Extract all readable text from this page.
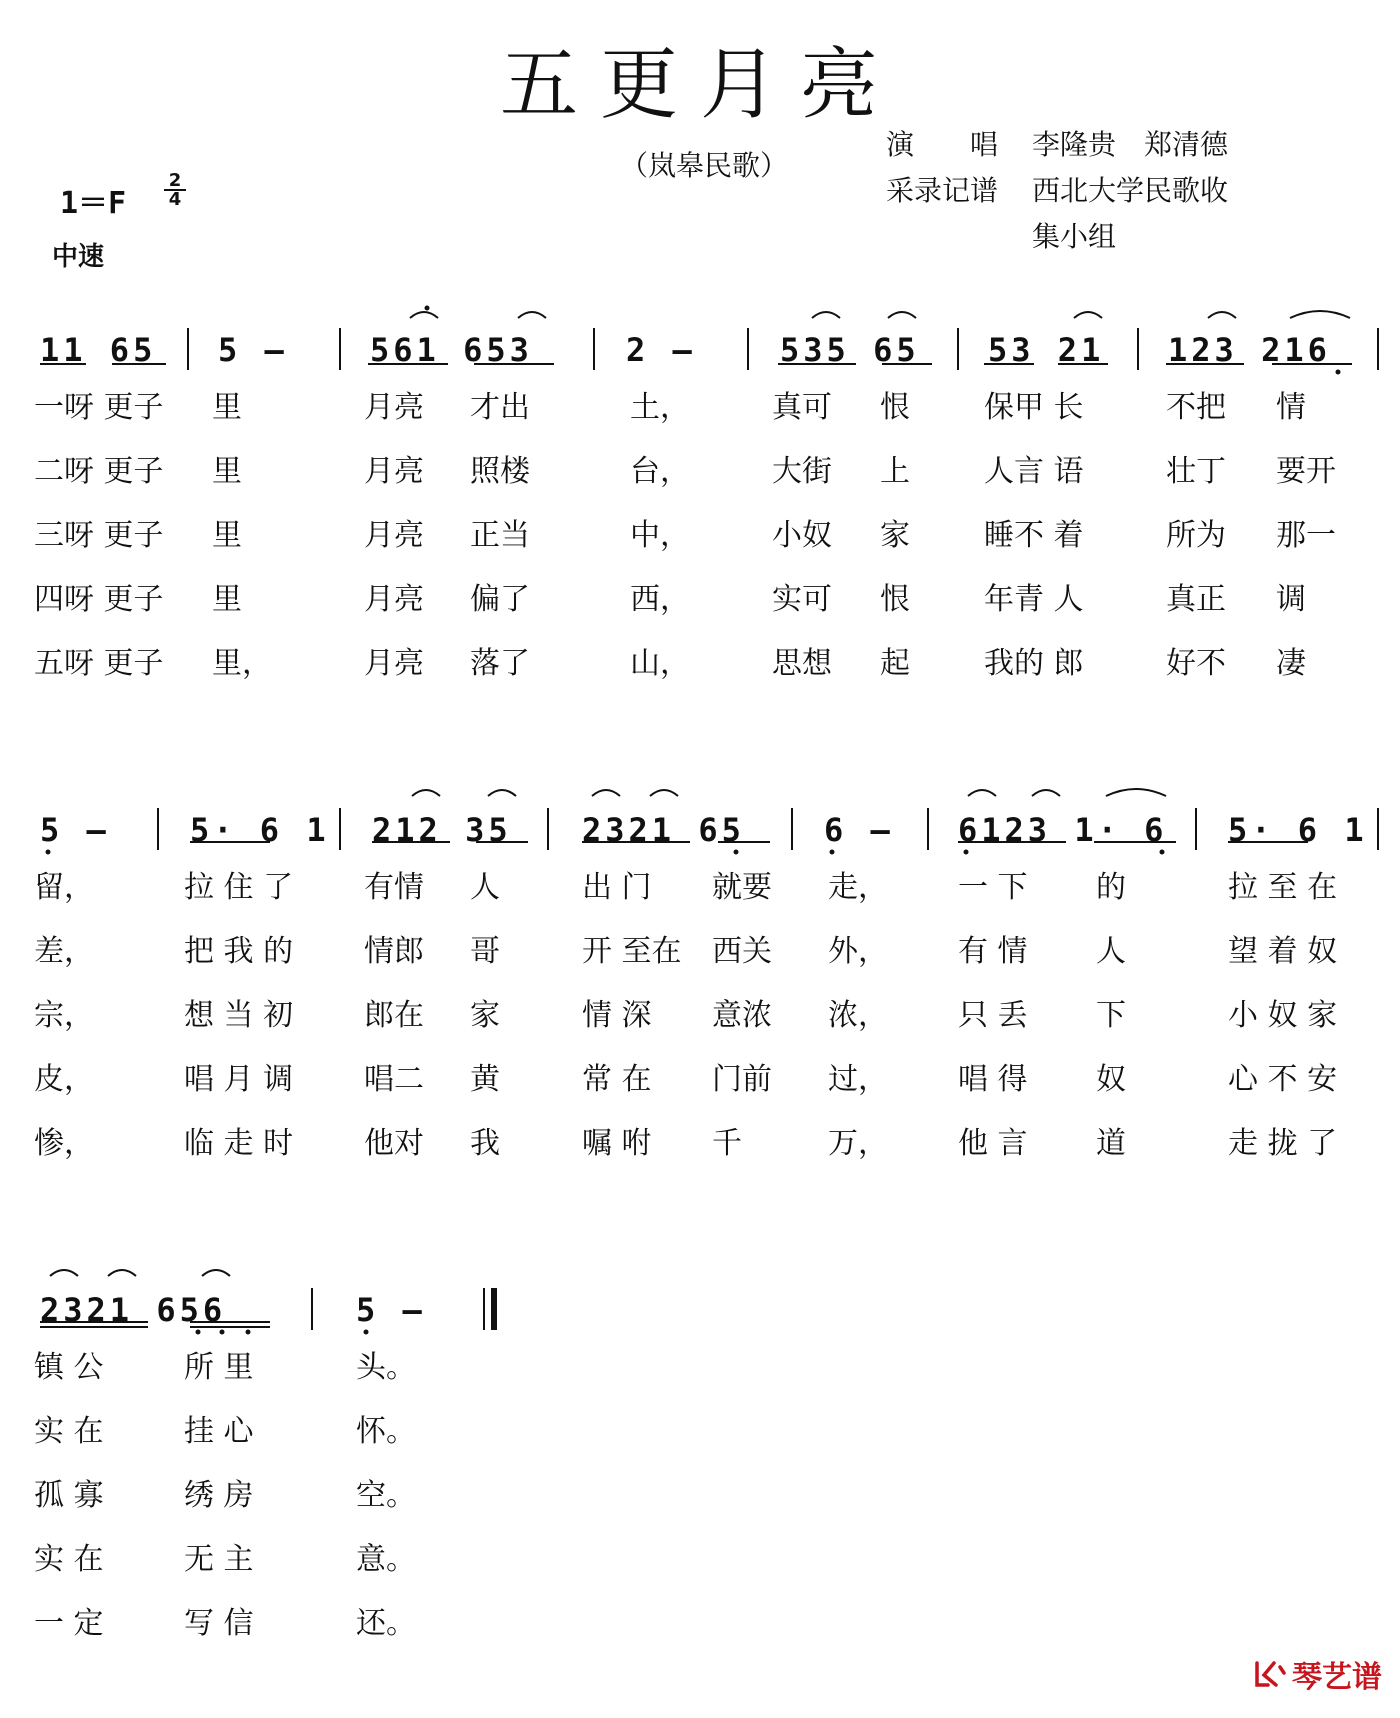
五更月亮
（岚皋民歌）
演　　唱 李隆贵　郑清德
采录记谱 西北大学民歌收
集小组
1＝F
2
4
中速
11 65 5 —	561 653	2 —	535 65 53 21 123 216
一呀 更子 里	月亮 才出	土，	真可 恨 保甲 长	不把 情
二呀 更子 里	月亮 照楼	台，	大街 上 人言 语	壮丁 要开
三呀 更子 里	月亮 正当	中，	小奴 家 睡不 着	所为 那一
四呀 更子 里	月亮 偏了	西，	实可 恨 年青 人	真正 调
五呀 更子 里，	月亮 落了	山，	思想 起 我的 郎	好不 凄
5 —	5· 6 1 212 35 2321 65 6 — 6123 1· 6 5· 6 1
留，	拉 住 了 有情 人	出 门 就要 走， 一 下 的	拉 至 在
差，	把 我 的 情郎 哥	开 至在 西关 外， 有 情 人	望 着 奴
宗，	想 当 初 郎在 家	情 深 意浓 浓， 只 丢 下	小 奴 家
皮，	唱 月 调 唱二 黄	常 在 门前 过， 唱 得 奴	心 不 安
惨，	临 走 时 他对 我	嘱 咐 千	万， 他 言 道	走 拢 了
2321 656	5 —
镇 公	所 里	头。
实 在	挂 心	怀。
孤 寡	绣 房	空。
实 在	无 主	意。
一 定	写 信	还。
琴艺谱
